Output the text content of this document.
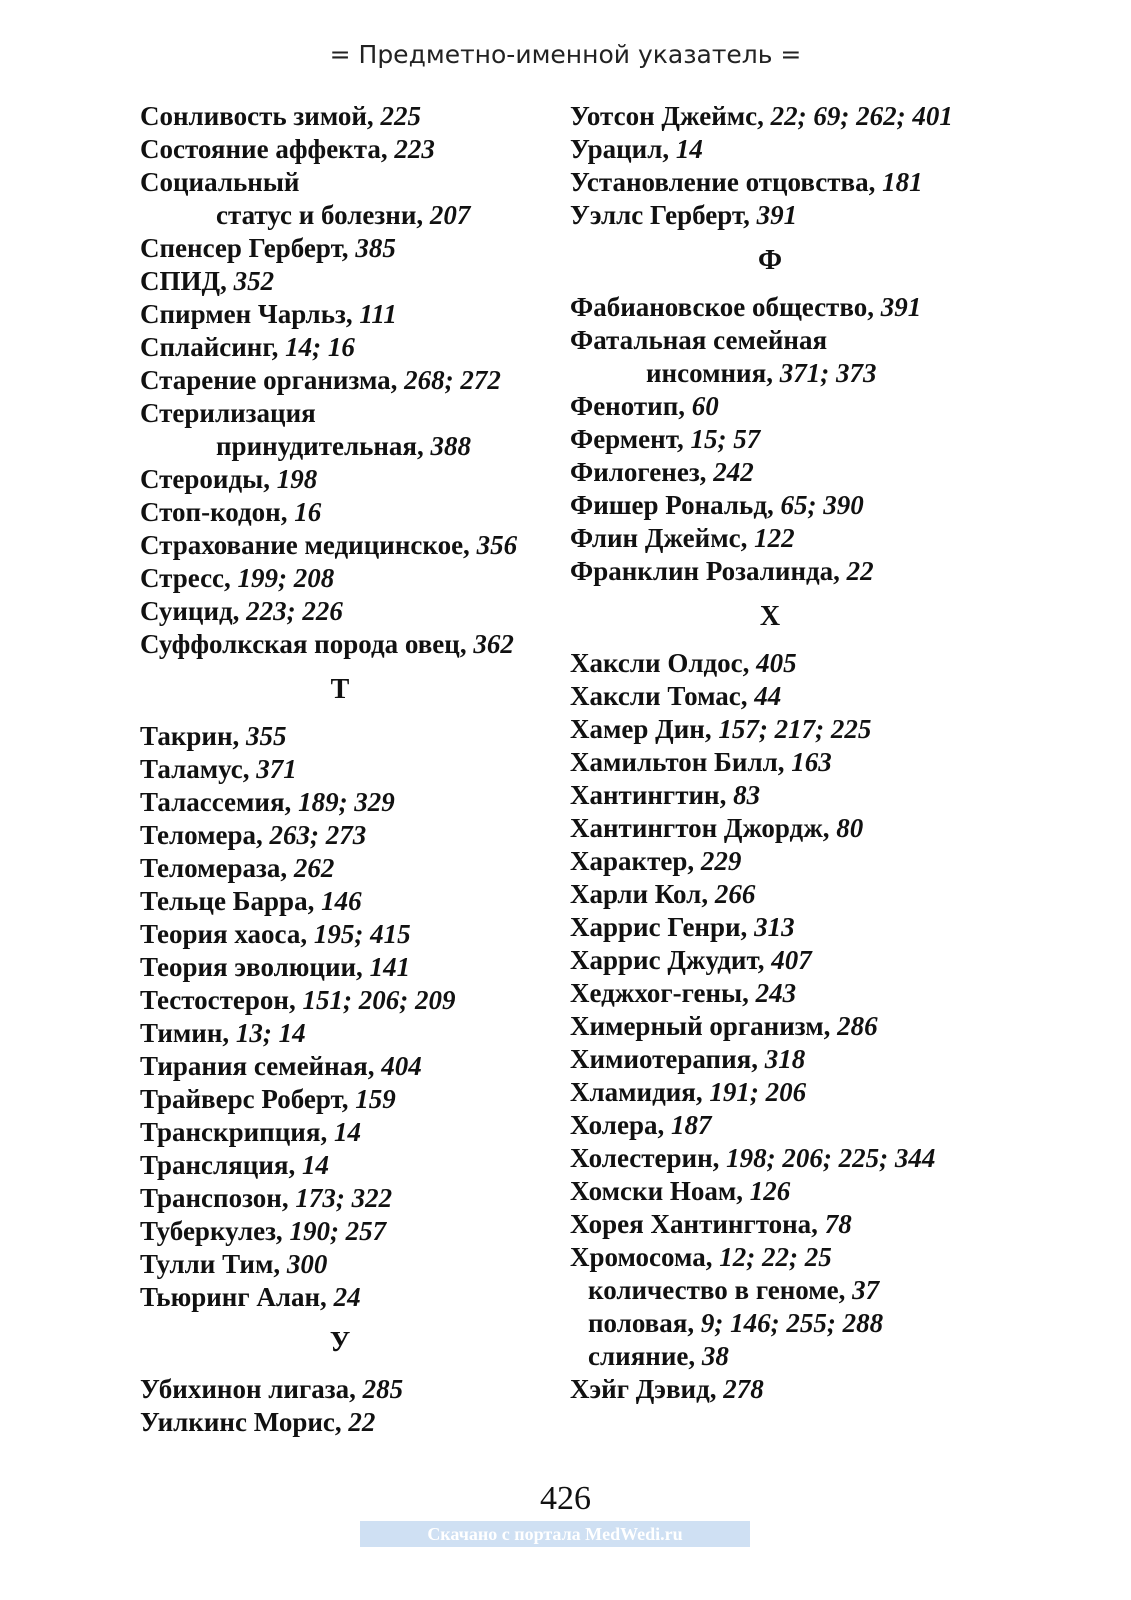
= Предметно-именной указатель =
Сонливость зимой, 225
Состояние аффекта, 223
Социальный
статус и болезни, 207
Спенсер Герберт, 385
СПИД, 352
Спирмен Чарльз, 111
Сплайсинг, 14; 16
Старение организма, 268; 272
Стерилизация
принудительная, 388
Стероиды, 198
Стоп-кодон, 16
Страхование медицинское, 356
Стресс, 199; 208
Суицид, 223; 226
Суффолкская порода овец, 362
Т
Такрин, 355
Таламус, 371
Талассемия, 189; 329
Теломера, 263; 273
Теломераза, 262
Тельце Барра, 146
Теория хаоса, 195; 415
Теория эволюции, 141
Тестостерон, 151; 206; 209
Тимин, 13; 14
Тирания семейная, 404
Трайверс Роберт, 159
Транскрипция, 14
Трансляция, 14
Транспозон, 173; 322
Туберкулез, 190; 257
Тулли Тим, 300
Тьюринг Алан, 24
У
Убихинон лигаза, 285
Уилкинс Морис, 22
Уотсон Джеймс, 22; 69; 262; 401
Урацил, 14
Установление отцовства, 181
Уэллс Герберт, 391
Ф
Фабиановское общество, 391
Фатальная семейная
инсомния, 371; 373
Фенотип, 60
Фермент, 15; 57
Филогенез, 242
Фишер Рональд, 65; 390
Флин Джеймс, 122
Франклин Розалинда, 22
Х
Хаксли Олдос, 405
Хаксли Томас, 44
Хамер Дин, 157; 217; 225
Хамильтон Билл, 163
Хантингтин, 83
Хантингтон Джордж, 80
Характер, 229
Харли Кол, 266
Харрис Генри, 313
Харрис Джудит, 407
Хеджхог-гены, 243
Химерный организм, 286
Химиотерапия, 318
Хламидия, 191; 206
Холера, 187
Холестерин, 198; 206; 225; 344
Хомски Ноам, 126
Хорея Хантингтона, 78
Хромосома, 12; 22; 25
количество в геноме, 37
половая, 9; 146; 255; 288
слияние, 38
Хэйг Дэвид, 278
426
Скачано с портала MedWedi.ru
